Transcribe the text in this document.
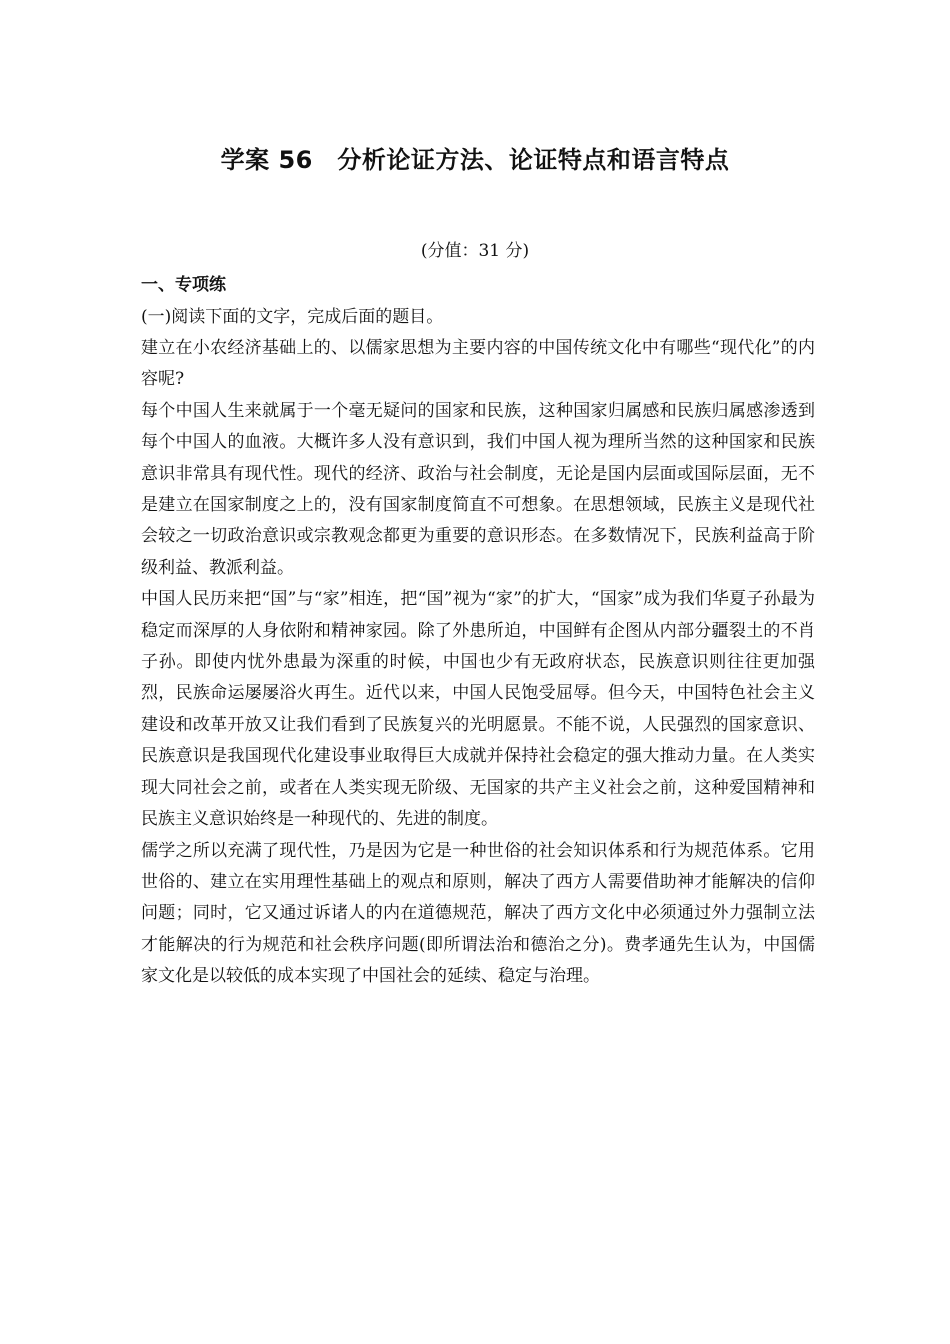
学案 56　分析论证方法、论证特点和语言特点
(分值：31 分)

一、专项练

(一)阅读下面的文字，完成后面的题目。

建立在小农经济基础上的、以儒家思想为主要内容的中国传统文化中有哪些“现代化”的内容呢?

每个中国人生来就属于一个毫无疑问的国家和民族，这种国家归属感和民族归属感渗透到每个中国人的血液。大概许多人没有意识到，我们中国人视为理所当然的这种国家和民族意识非常具有现代性。现代的经济、政治与社会制度，无论是国内层面或国际层面，无不是建立在国家制度之上的，没有国家制度简直不可想象。在思想领域，民族主义是现代社会较之一切政治意识或宗教观念都更为重要的意识形态。在多数情况下，民族利益高于阶级利益、教派利益。

中国人民历来把“国”与“家”相连，把“国”视为“家”的扩大，“国家”成为我们华夏子孙最为稳定而深厚的人身依附和精神家园。除了外患所迫，中国鲜有企图从内部分疆裂土的不肖子孙。即使内忧外患最为深重的时候，中国也少有无政府状态，民族意识则往往更加强烈，民族命运屡屡浴火再生。近代以来，中国人民饱受屈辱。但今天，中国特色社会主义建设和改革开放又让我们看到了民族复兴的光明愿景。不能不说，人民强烈的国家意识、民族意识是我国现代化建设事业取得巨大成就并保持社会稳定的强大推动力量。在人类实现大同社会之前，或者在人类实现无阶级、无国家的共产主义社会之前，这种爱国精神和民族主义意识始终是一种现代的、先进的制度。

儒学之所以充满了现代性，乃是因为它是一种世俗的社会知识体系和行为规范体系。它用世俗的、建立在实用理性基础上的观点和原则，解决了西方人需要借助神才能解决的信仰问题；同时，它又通过诉诸人的内在道德规范，解决了西方文化中必须通过外力强制立法才能解决的行为规范和社会秩序问题(即所谓法治和德治之分)。费孝通先生认为，中国儒家文化是以较低的成本实现了中国社会的延续、稳定与治理。
